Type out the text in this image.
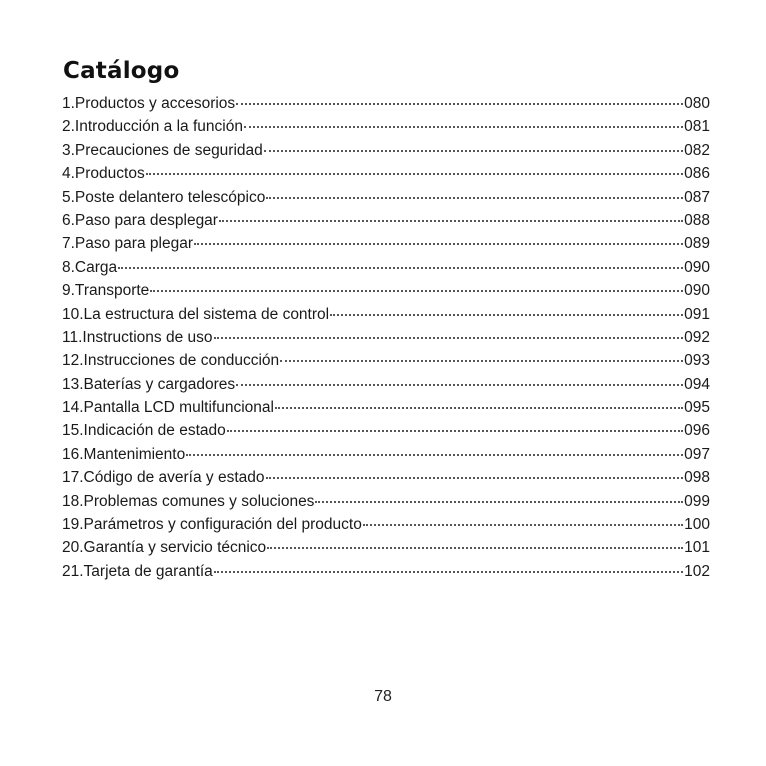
Catálogo
1.Productos y accesorios	080
2.Introducción a la función	081
3.Precauciones de seguridad	082
4.Productos	086
5.Poste delantero telescópico	087
6.Paso para desplegar	088
7.Paso para plegar	089
8.Carga	090
9.Transporte	090
10.La estructura del sistema de control	091
11.Instructions de uso	092
12.Instrucciones de conducción	093
13.Baterías y cargadores	094
14.Pantalla LCD multifuncional	095
15.Indicación de estado	096
16.Mantenimiento	097
17.Código de avería y estado	098
18.Problemas comunes y soluciones	099
19.Parámetros y configuración del producto	100
20.Garantía y servicio técnico	101
21.Tarjeta de garantía	102
78
